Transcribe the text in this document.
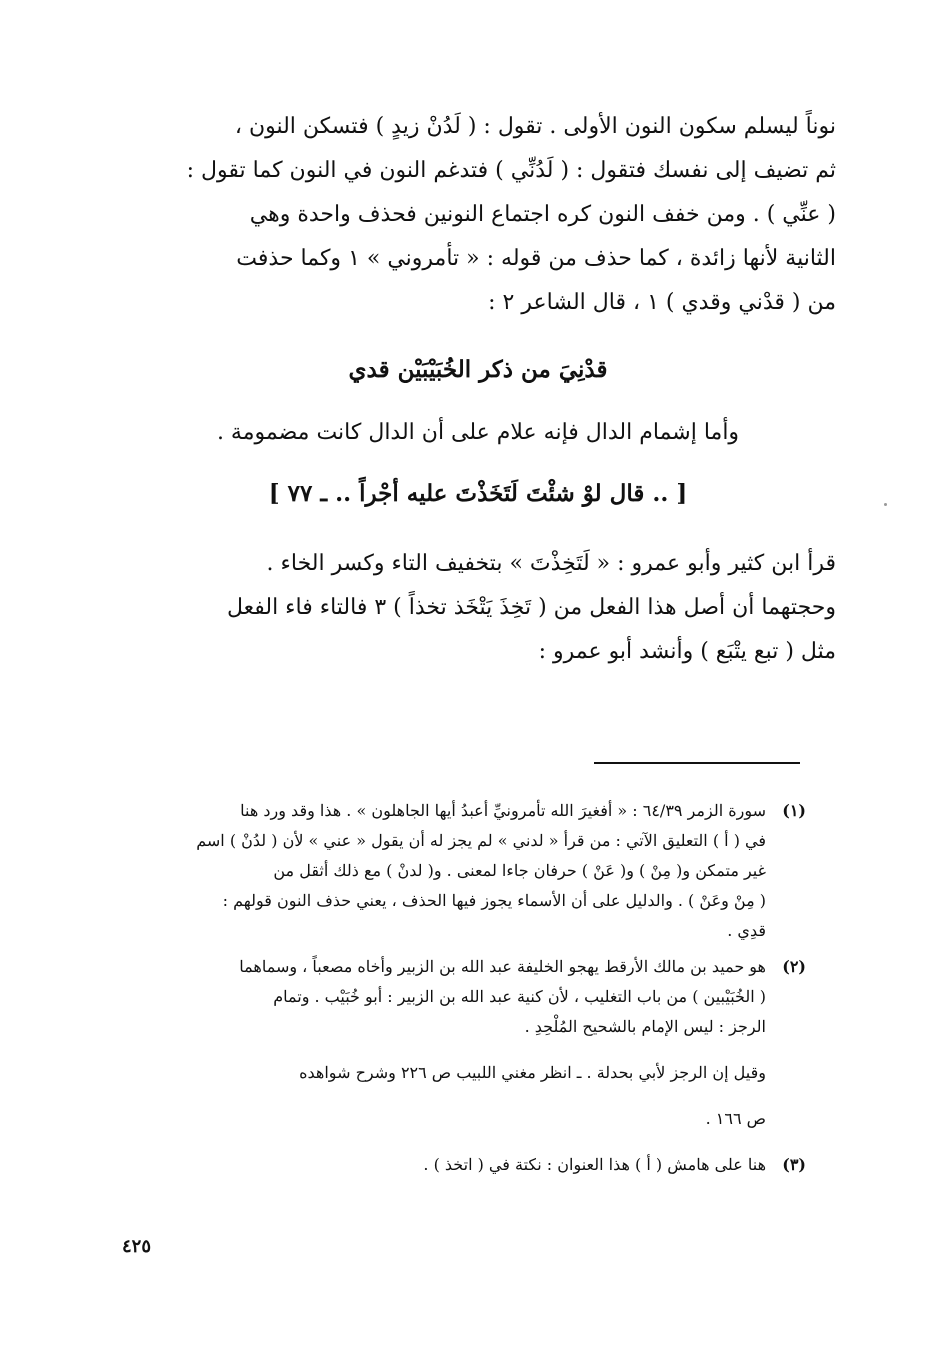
نوناً ليسلم سكون النون الأولى . تقول : ( لَدُنْ زيدٍ ) فتسكن النون ،

ثم تضيف إلى نفسك فتقول : ( لَدُنِّي ) فتدغم النون في النون كما تقول :

( عنِّي ) . ومن خفف النون كره اجتماع النونين فحذف واحدة وهي

الثانية لأنها زائدة ، كما حذف من قوله : « تأمروني » ١ وكما حذفت

من ( قدْني وقدي ) ١ ، قال الشاعر ٢ :

قدْنِيَ من ذكر الخُبَيْبَيْن قدي
وأما إشمام الدال فإنه علام على أن الدال كانت مضمومة .
[ .. قال لوْ شئْتَ لَتَخَذْتَ عليه أجْراً .. ـ ٧٧ ]

قرأ ابن كثير وأبو عمرو : « لَتَخِذْتَ » بتخفيف التاء وكسر الخاء .

وحجتهما أن أصل هذا الفعل من ( تَخِذَ يَتْخَذ تخذاً ) ٣ فالتاء فاء الفعل

مثل ( تبع يتْبَع ) وأنشد أبو عمرو :

(١)

سورة الزمر ٦٤/٣٩ : « أفغيرَ الله تأمرونيِّ أعبدُ أيها الجاهلون » . هذا وقد ورد هنا

في ( أ ) التعليق الآتي : من قرأ « لدني » لم يجز له أن يقول « عني » لأن ( لدُنْ ) اسم

غير متمكن و( مِنْ ) و( عَنْ ) حرفان جاءا لمعنى . و( لدنْ ) مع ذلك أثقل من

( مِنْ وعَنْ ) . والدليل على أن الأسماء يجوز فيها الحذف ، يعني حذف النون قولهم :

قدِي .

(٢)

هو حميد بن مالك الأرقط يهجو الخليفة عبد الله بن الزبير وأخاه مصعباً ، وسماهما

( الخُبَيْبين ) من باب التغليب ، لأن كنية عبد الله بن الزبير : أبو خُبَيْب . وتمام

الرجز : ليس الإمام بالشحيح المُلْحِدِ .

وقيل إن الرجز لأبي بحدلة . ـ انظر مغني اللبيب ص ٢٢٦ وشرح شواهده

ص ١٦٦ .

(٣)

هنا على هامش ( أ ) هذا العنوان : نكتة في ( اتخذ ) .

٤٢٥
